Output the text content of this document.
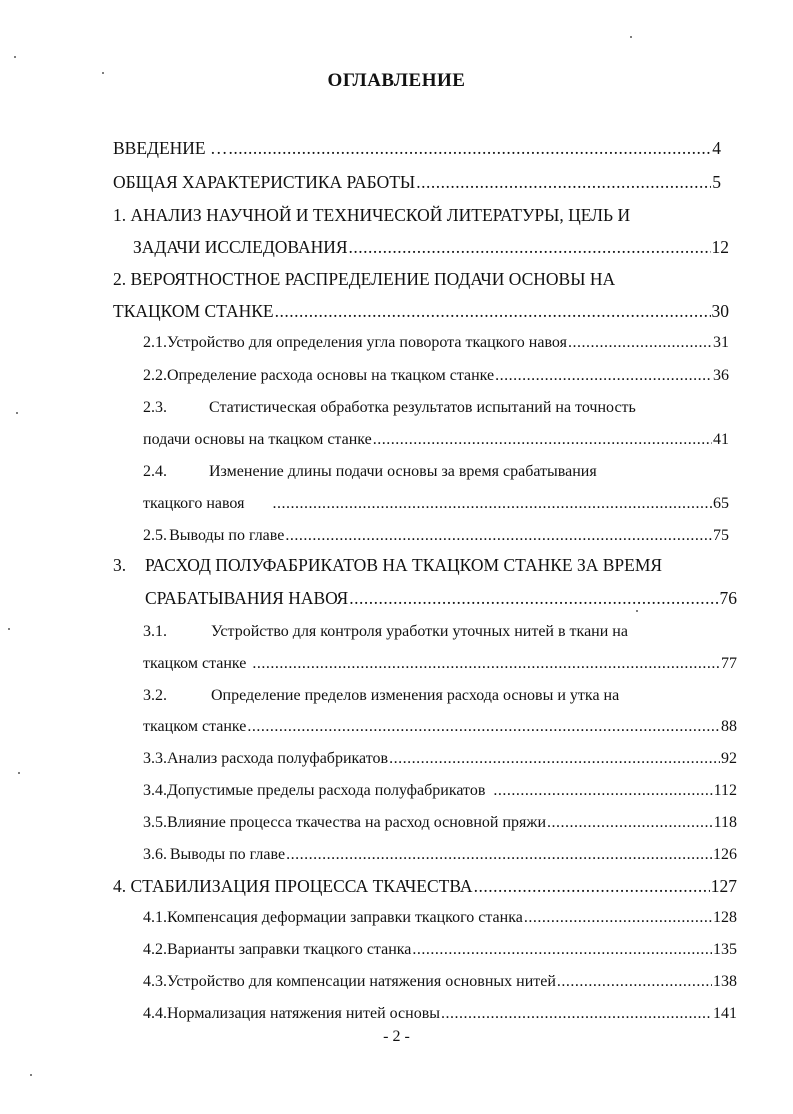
ОГЛАВЛЕНИЕ
ВВЕДЕНИЕ … .....	4
ОБЩАЯ ХАРАКТЕРИСТИКА РАБОТЫ .....	5
1. АНАЛИЗ НАУЧНОЙ И ТЕХНИЧЕСКОЙ ЛИТЕРАТУРЫ, ЦЕЛЬ И
ЗАДАЧИ ИССЛЕДОВАНИЯ .....	12
2. ВЕРОЯТНОСТНОЕ РАСПРЕДЕЛЕНИЕ ПОДАЧИ ОСНОВЫ НА
ТКАЦКОМ СТАНКЕ .....	30
2.1. Устройство для определения угла поворота ткацкого навоя .....	31
2.2. Определение расхода основы на ткацком станке .....	36
2.3.	Статистическая обработка результатов испытаний на точность
подачи основы на ткацком станке .....	41
2.4.	Изменение длины подачи основы за время срабатывания
ткацкого навоя .....	65
2.5. Выводы по главе .....	75
3.	РАСХОД ПОЛУФАБРИКАТОВ НА ТКАЦКОМ СТАНКЕ ЗА ВРЕМЯ
СРАБАТЫВАНИЯ НАВОЯ .....	76
3.1.	Устройство для контроля уработки уточных нитей в ткани на
ткацком станке .....	77
3.2.	Определение пределов изменения расхода основы и утка на
ткацком станке .....	88
3.3. Анализ расхода полуфабрикатов .....	92
3.4. Допустимые пределы расхода полуфабрикатов .....	112
3.5. Влияние процесса ткачества на расход основной пряжи .....	118
3.6. Выводы по главе .....	126
4. СТАБИЛИЗАЦИЯ ПРОЦЕССА ТКАЧЕСТВА .....	127
4.1. Компенсация деформации заправки ткацкого станка .....	128
4.2. Варианты заправки ткацкого станка .....	135
4.3. Устройство для компенсации натяжения основных нитей .....	138
4.4. Нормализация натяжения нитей основы .....	141
- 2 -
